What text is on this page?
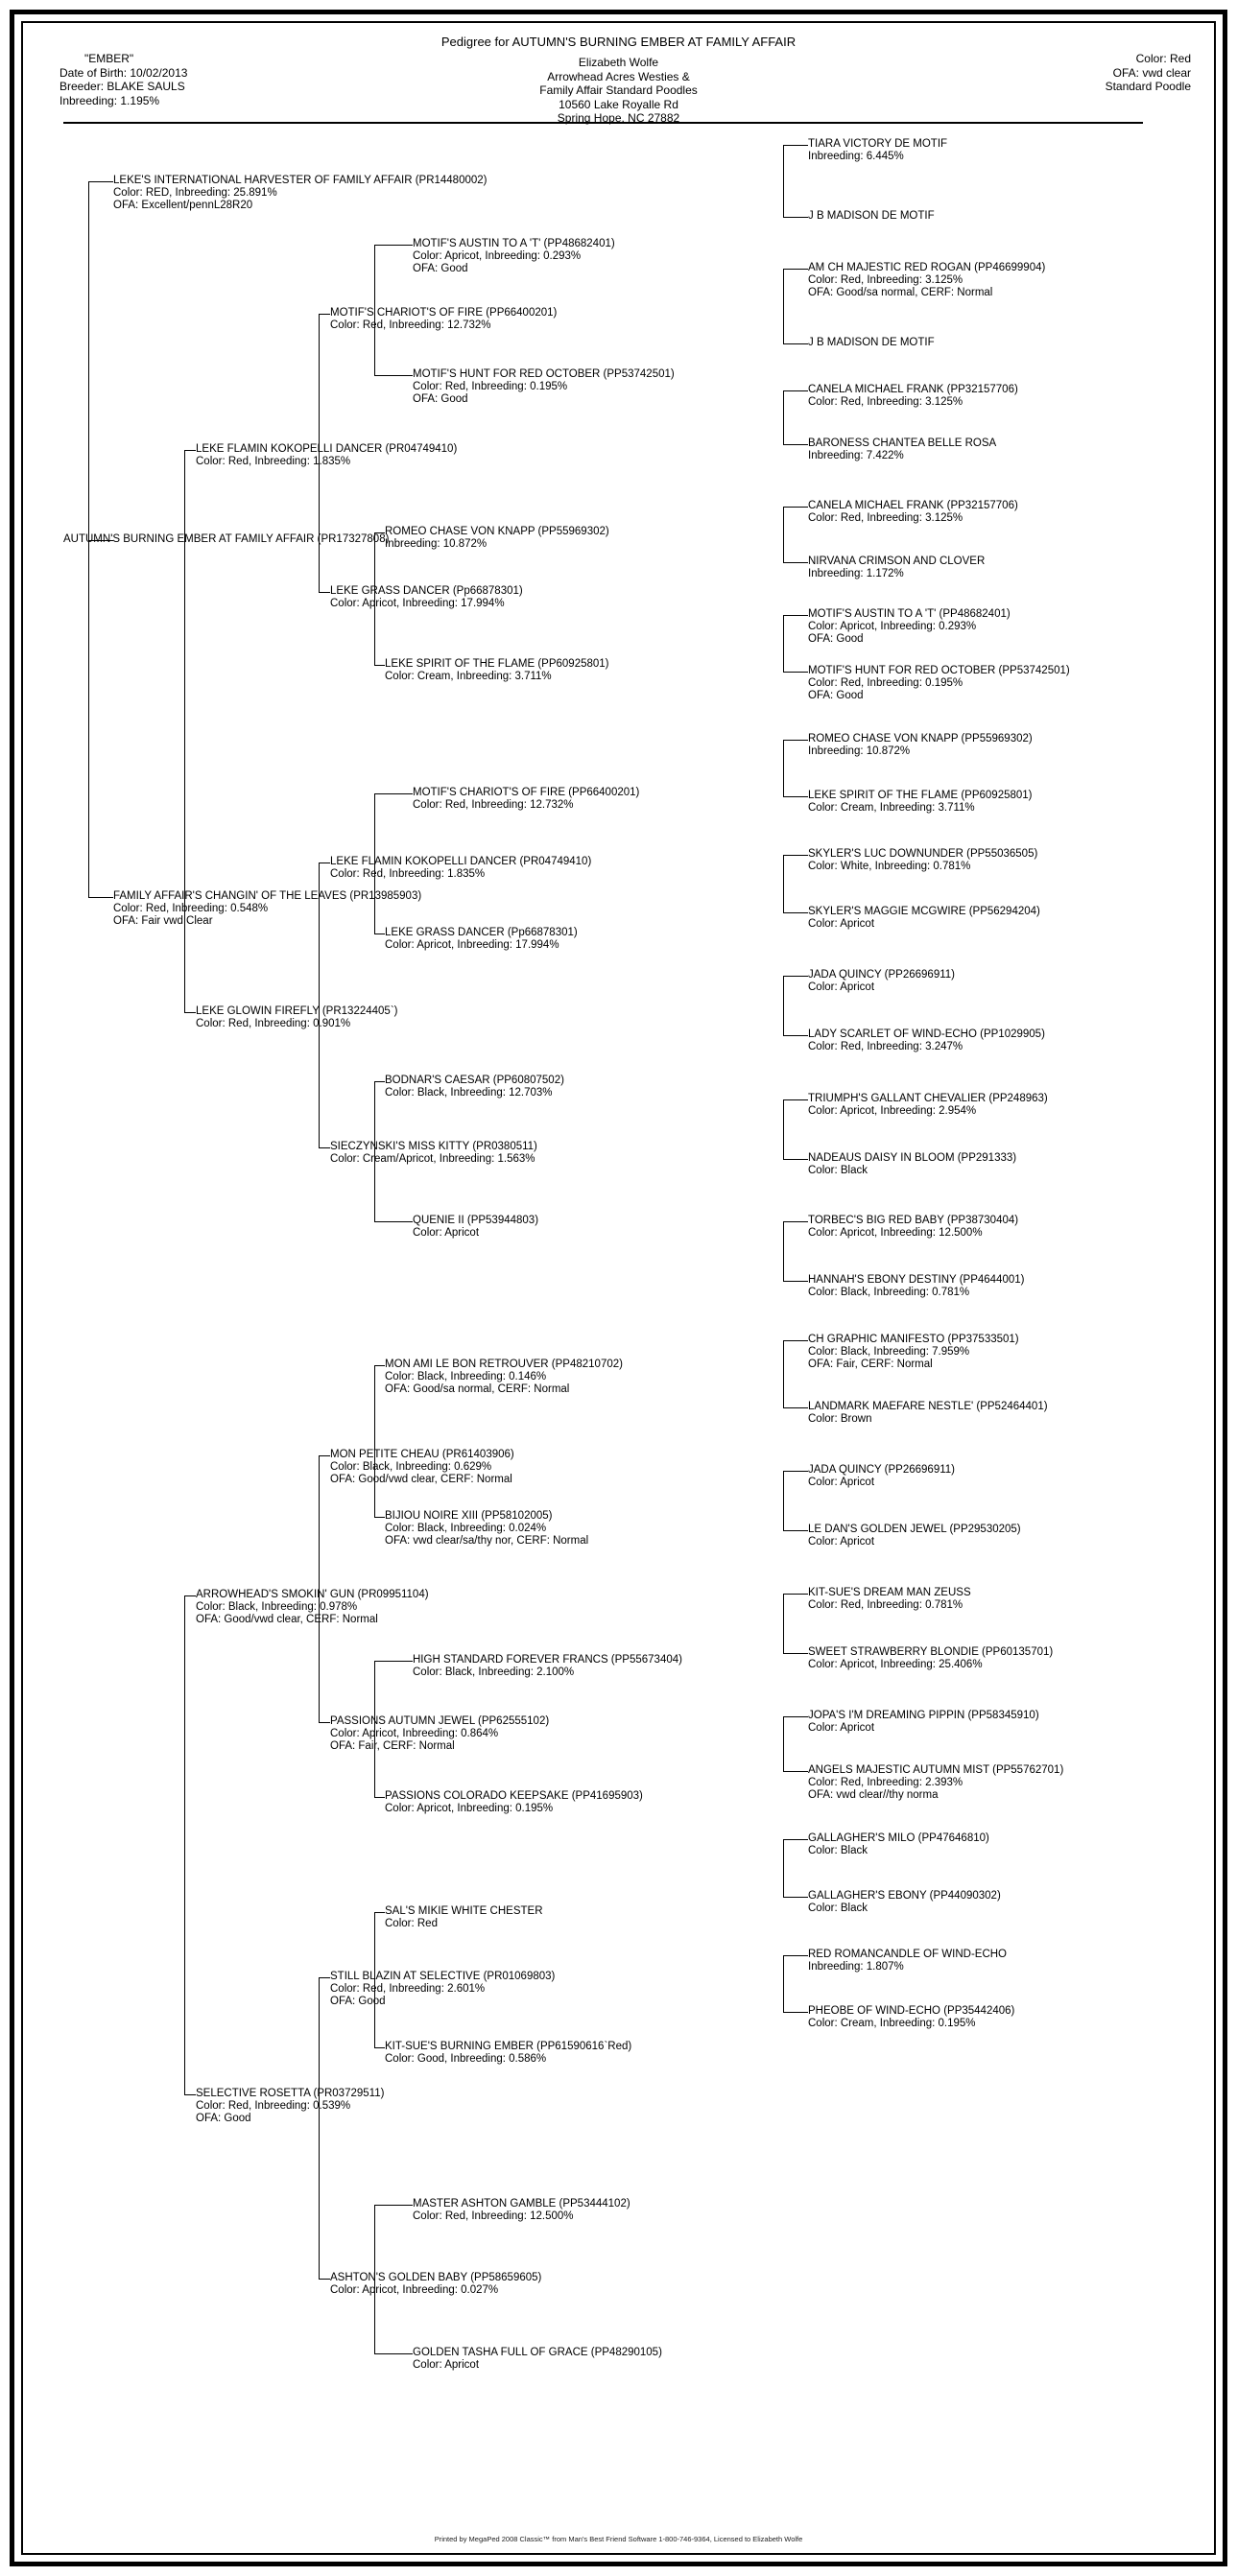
Pedigree for AUTUMN'S BURNING EMBER AT FAMILY AFFAIR
Elizabeth Wolfe
Arrowhead Acres Westies &
Family Affair Standard Poodles
10560 Lake Royalle Rd
Spring Hope, NC 27882
"EMBER"
Date of Birth: 10/02/2013
Breeder: BLAKE SAULS
Inbreeding: 1.195%
Color: Red
OFA: vwd clear
Standard Poodle
AUTUMN'S BURNING EMBER AT FAMILY AFFAIR (PR17327808)
LEKE'S INTERNATIONAL HARVESTER OF FAMILY AFFAIR (PR14480002)
Color: RED, Inbreeding: 25.891%
OFA: Excellent/pennL28R20
FAMILY AFFAIR'S CHANGIN' OF THE LEAVES (PR13985903)
Color: Red, Inbreeding: 0.548%
OFA: Fair vwd Clear
LEKE FLAMIN KOKOPELLI DANCER (PR04749410)
Color: Red, Inbreeding: 1.835%
LEKE GLOWIN FIREFLY (PR13224405`)
Color: Red, Inbreeding: 0.901%
ARROWHEAD'S SMOKIN' GUN (PR09951104)
Color: Black, Inbreeding: 0.978%
OFA: Good/vwd clear, CERF: Normal
SELECTIVE ROSETTA (PR03729511)
Color: Red, Inbreeding: 0.539%
OFA: Good
MOTIF'S CHARIOT'S OF FIRE (PP66400201)
Color: Red, Inbreeding: 12.732%
LEKE GRASS DANCER (Pp66878301)
Color: Apricot, Inbreeding: 17.994%
LEKE FLAMIN KOKOPELLI DANCER (PR04749410)
Color: Red, Inbreeding: 1.835%
SIECZYNSKI'S MISS KITTY (PR0380511)
Color: Cream/Apricot, Inbreeding: 1.563%
MON PETITE CHEAU (PR61403906)
Color: Black, Inbreeding: 0.629%
OFA: Good/vwd clear, CERF: Normal
PASSIONS AUTUMN JEWEL (PP62555102)
Color: Apricot, Inbreeding: 0.864%
OFA: Fair, CERF: Normal
STILL BLAZIN AT SELECTIVE (PR01069803)
Color: Red, Inbreeding: 2.601%
OFA: Good
ASHTON'S GOLDEN BABY (PP58659605)
Color: Apricot, Inbreeding: 0.027%
MOTIF'S AUSTIN TO A 'T' (PP48682401)
Color: Apricot, Inbreeding: 0.293%
OFA: Good
MOTIF'S HUNT FOR RED OCTOBER (PP53742501)
Color: Red, Inbreeding: 0.195%
OFA: Good
ROMEO CHASE VON KNAPP (PP55969302)
Inbreeding: 10.872%
LEKE SPIRIT OF THE FLAME (PP60925801)
Color: Cream, Inbreeding: 3.711%
MOTIF'S CHARIOT'S OF FIRE (PP66400201)
Color: Red, Inbreeding: 12.732%
LEKE GRASS DANCER (Pp66878301)
Color: Apricot, Inbreeding: 17.994%
BODNAR'S CAESAR (PP60807502)
Color: Black, Inbreeding: 12.703%
QUENIE II (PP53944803)
Color: Apricot
MON AMI LE BON RETROUVER (PP48210702)
Color: Black, Inbreeding: 0.146%
OFA: Good/sa normal, CERF: Normal
BIJIOU NOIRE XIII (PP58102005)
Color: Black, Inbreeding: 0.024%
OFA: vwd clear/sa/thy nor, CERF: Normal
HIGH STANDARD FOREVER FRANCS (PP55673404)
Color: Black, Inbreeding: 2.100%
PASSIONS COLORADO KEEPSAKE (PP41695903)
Color: Apricot, Inbreeding: 0.195%
SAL'S MIKIE WHITE CHESTER
Color: Red
KIT-SUE'S BURNING EMBER (PP61590616`Red)
Color: Good, Inbreeding: 0.586%
MASTER ASHTON GAMBLE (PP53444102)
Color: Red, Inbreeding: 12.500%
GOLDEN TASHA FULL OF GRACE (PP48290105)
Color: Apricot
TIARA VICTORY DE MOTIF
Inbreeding: 6.445%
J B MADISON DE MOTIF
AM CH MAJESTIC RED ROGAN (PP46699904)
Color: Red, Inbreeding: 3.125%
OFA: Good/sa normal, CERF: Normal
J B MADISON DE MOTIF
CANELA MICHAEL FRANK (PP32157706)
Color: Red, Inbreeding: 3.125%
BARONESS CHANTEA BELLE ROSA
Inbreeding: 7.422%
CANELA MICHAEL FRANK (PP32157706)
Color: Red, Inbreeding: 3.125%
NIRVANA CRIMSON AND CLOVER
Inbreeding: 1.172%
MOTIF'S AUSTIN TO A 'T' (PP48682401)
Color: Apricot, Inbreeding: 0.293%
OFA: Good
MOTIF'S HUNT FOR RED OCTOBER (PP53742501)
Color: Red, Inbreeding: 0.195%
OFA: Good
ROMEO CHASE VON KNAPP (PP55969302)
Inbreeding: 10.872%
LEKE SPIRIT OF THE FLAME (PP60925801)
Color: Cream, Inbreeding: 3.711%
SKYLER'S LUC DOWNUNDER (PP55036505)
Color: White, Inbreeding: 0.781%
SKYLER'S MAGGIE MCGWIRE (PP56294204)
Color: Apricot
JADA QUINCY (PP26696911)
Color: Apricot
LADY SCARLET OF WIND-ECHO (PP1029905)
Color: Red, Inbreeding: 3.247%
TRIUMPH'S GALLANT CHEVALIER (PP248963)
Color: Apricot, Inbreeding: 2.954%
NADEAUS DAISY IN BLOOM (PP291333)
Color: Black
TORBEC'S BIG RED BABY (PP38730404)
Color: Apricot, Inbreeding: 12.500%
HANNAH'S EBONY DESTINY (PP4644001)
Color: Black, Inbreeding: 0.781%
CH GRAPHIC MANIFESTO (PP37533501)
Color: Black, Inbreeding: 7.959%
OFA: Fair, CERF: Normal
LANDMARK MAEFARE NESTLE' (PP52464401)
Color: Brown
JADA QUINCY (PP26696911)
Color: Apricot
LE DAN'S GOLDEN JEWEL (PP29530205)
Color: Apricot
KIT-SUE'S DREAM MAN ZEUSS
Color: Red, Inbreeding: 0.781%
SWEET STRAWBERRY BLONDIE (PP60135701)
Color: Apricot, Inbreeding: 25.406%
JOPA'S I'M DREAMING PIPPIN (PP58345910)
Color: Apricot
ANGELS MAJESTIC AUTUMN MIST (PP55762701)
Color: Red, Inbreeding: 2.393%
OFA: vwd clear//thy norma
GALLAGHER'S MILO (PP47646810)
Color: Black
GALLAGHER'S EBONY (PP44090302)
Color: Black
RED ROMANCANDLE OF WIND-ECHO
Inbreeding: 1.807%
PHEOBE OF WIND-ECHO (PP35442406)
Color: Cream, Inbreeding: 0.195%
Printed by MegaPed 2008 Classic™ from Man's Best Friend Software 1-800-746-9364, Licensed to Elizabeth Wolfe
